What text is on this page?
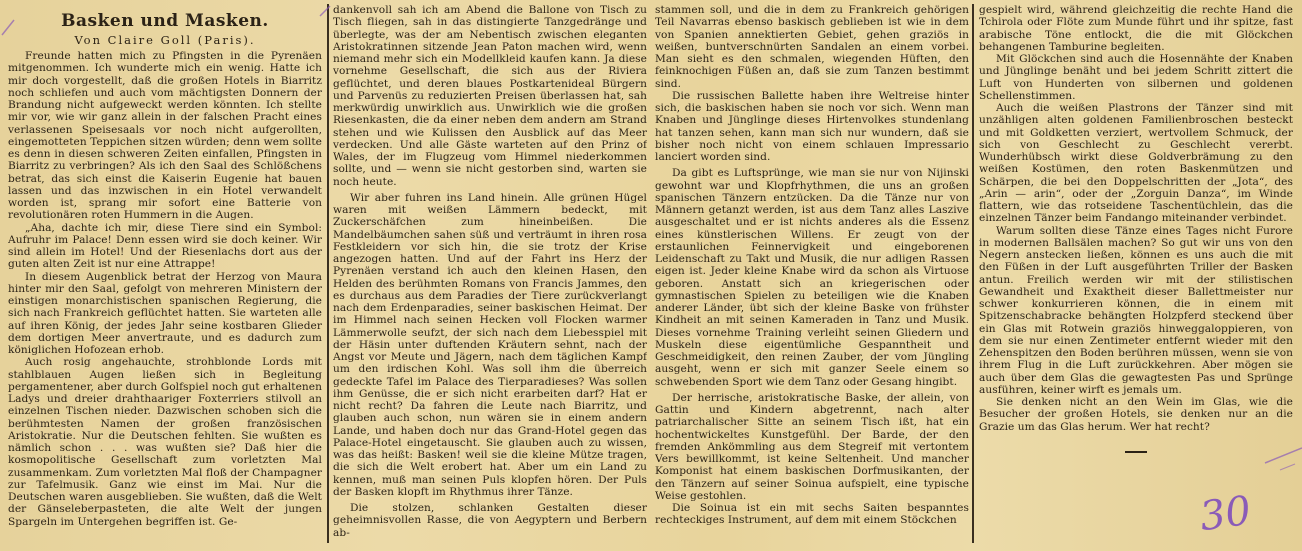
Basken und Masken.
Von Claire Goll (Paris).

Freunde hatten mich zu Pfingsten in die Pyrenäen mitgenommen. Ich wunderte mich ein wenig. Hatte ich mir doch vorgestellt, daß die großen Hotels in Biarritz noch schliefen und auch vom mächtigsten Donnern der Brandung nicht aufgeweckt werden könnten. Ich stellte mir vor, wie wir ganz allein in der falschen Pracht eines verlassenen Speisesaals vor noch nicht aufgerollten, eingemotteten Teppichen sitzen würden; denn wem sollte es denn in diesen schweren Zeiten einfallen, Pfingsten in Biarritz zu verbringen? Als ich den Saal des Schlößchens betrat, das sich einst die Kaiserin Eugenie hat bauen lassen und das inzwischen in ein Hotel verwandelt worden ist, sprang mir sofort eine Batterie von revolutionären roten Hummern in die Augen.

„Aha, dachte ich mir, diese Tiere sind ein Symbol: Aufruhr im Palace! Denn essen wird sie doch keiner. Wir sind allein im Hotel! Und der Riesenlachs dort aus der guten alten Zeit ist nur eine Attrappe!

In diesem Augenblick betrat der Herzog von Maura hinter mir den Saal, gefolgt von mehreren Ministern der einstigen monarchistischen spanischen Regierung, die sich nach Frankreich geflüchtet hatten. Sie warteten alle auf ihren König, der jedes Jahr seine kostbaren Glieder dem dortigen Meer anvertraute, und es dadurch zum königlichen Hofozean erhob.

Auch rosig angehauchte, strohblonde Lords mit stahlblauen Augen ließen sich in Begleitung pergamentener, aber durch Golfspiel noch gut erhaltenen Ladys und dreier drahthaariger Foxterriers stilvoll an einzelnen Tischen nieder. Dazwischen schoben sich die berühmtesten Namen der großen französischen Aristokratie. Nur die Deutschen fehlten. Sie wußten es nämlich schon . . . was wußten sie? Daß hier die kosmopolitische Gesellschaft zum vorletzten Mal zusammenkam. Zum vorletzten Mal floß der Champagner zur Tafelmusik. Ganz wie einst im Mai. Nur die Deutschen waren ausgeblieben. Sie wußten, daß die Welt der Gänseleberpasteten, die alte Welt der jungen Spargeln im Untergehen begriffen ist. Ge-

dankenvoll sah ich am Abend die Ballone von Tisch zu Tisch fliegen, sah in das distingierte Tanzgedränge und überlegte, was der am Nebentisch zwischen eleganten Aristokratinnen sitzende Jean Paton machen wird, wenn niemand mehr sich ein Modellkleid kaufen kann. Ja diese vornehme Gesellschaft, die sich aus der Riviera geflüchtet, und deren blaues Postkartenideal Bürgern und Parvenüs zu reduzierten Preisen überlassen hat, sah merkwürdig unwirklich aus. Unwirklich wie die großen Riesenkasten, die da einer neben dem andern am Strand stehen und wie Kulissen den Ausblick auf das Meer verdecken. Und alle Gäste warteten auf den Prinz of Wales, der im Flugzeug vom Himmel niederkommen sollte, und — wenn sie nicht gestorben sind, warten sie noch heute.

Wir aber fuhren ins Land hinein. Alle grünen Hügel waren mit weißen Lämmern bedeckt, mit Zuckerschäfchen zum hineinbeißen. Die Mandelbäumchen sahen süß und verträumt in ihren rosa Festkleidern vor sich hin, die sie trotz der Krise angezogen hatten. Und auf der Fahrt ins Herz der Pyrenäen verstand ich auch den kleinen Hasen, den Helden des berühmten Romans von Francis Jammes, den es durchaus aus dem Paradies der Tiere zurückverlangt nach dem Erdenparadies, seiner baskischen Heimat. Der im Himmel nach seinen Hecken voll Flocken warmer Lämmerwolle seufzt, der sich nach dem Liebesspiel mit der Häsin unter duftenden Kräutern sehnt, nach der Angst vor Meute und Jägern, nach dem täglichen Kampf um den irdischen Kohl. Was soll ihm die überreich gedeckte Tafel im Palace des Tierparadieses? Was sollen ihm Genüsse, die er sich nicht erarbeiten darf? Hat er nicht recht? Da fahren die Leute nach Biarritz, und glauben auch schon, nun wären sie in einem andern Lande, und haben doch nur das Grand-Hotel gegen das Palace-Hotel eingetauscht. Sie glauben auch zu wissen, was das heißt: Basken! weil sie die kleine Mütze tragen, die sich die Welt erobert hat. Aber um ein Land zu kennen, muß man seinen Puls klopfen hören. Der Puls der Basken klopft im Rhythmus ihrer Tänze.

Die stolzen, schlanken Gestalten dieser geheimnisvollen Rasse, die von Aegyptern und Berbern ab-

stammen soll, und die in dem zu Frankreich gehörigen Teil Navarras ebenso baskisch geblieben ist wie in dem von Spanien annektierten Gebiet, gehen graziös in weißen, buntverschnürten Sandalen an einem vorbei. Man sieht es den schmalen, wiegenden Hüften, den feinknochigen Füßen an, daß sie zum Tanzen bestimmt sind.

Die russischen Ballette haben ihre Weltreise hinter sich, die baskischen haben sie noch vor sich. Wenn man Knaben und Jünglinge dieses Hirtenvolkes stundenlang hat tanzen sehen, kann man sich nur wundern, daß sie bisher noch nicht von einem schlauen Impressario lanciert worden sind.

Da gibt es Luftsprünge, wie man sie nur von Nijinski gewohnt war und Klopfrhythmen, die uns an großen spanischen Tänzern entzücken. Da die Tänze nur von Männern getanzt werden, ist aus dem Tanz alles Laszive ausgeschaltet und er ist nichts anderes als die Essenz eines künstlerischen Willens. Er zeugt von der erstaunlichen Feinnervigkeit und eingeborenen Leidenschaft zu Takt und Musik, die nur adligen Rassen eigen ist. Jeder kleine Knabe wird da schon als Virtuose geboren. Anstatt sich an kriegerischen oder gymnastischen Spielen zu beteiligen wie die Knaben anderer Länder, übt sich der kleine Baske von frühster Kindheit an mit seinen Kameraden in Tanz und Musik. Dieses vornehme Training verleiht seinen Gliedern und Muskeln diese eigentümliche Gespanntheit und Geschmeidigkeit, den reinen Zauber, der vom Jüngling ausgeht, wenn er sich mit ganzer Seele einem so schwebenden Sport wie dem Tanz oder Gesang hingibt.

Der herrische, aristokratische Baske, der allein, von Gattin und Kindern abgetrennt, nach alter patriarchalischer Sitte an seinem Tisch ißt, hat ein hochentwickeltes Kunstgefühl. Der Barde, der den fremden Ankömmling aus dem Stegreif mit vertontem Vers bewillkommt, ist keine Seltenheit. Und mancher Komponist hat einem baskischen Dorfmusikanten, der den Tänzern auf seiner Soinua aufspielt, eine typische Weise gestohlen.

Die Soinua ist ein mit sechs Saiten bespanntes rechteckiges Instrument, auf dem mit einem Stöckchen

gespielt wird, während gleichzeitig die rechte Hand die Tchirola oder Flöte zum Munde führt und ihr spitze, fast arabische Töne entlockt, die die mit Glöckchen behangenen Tamburine begleiten.

Mit Glöckchen sind auch die Hosennähte der Knaben und Jünglinge benäht und bei jedem Schritt zittert die Luft von Hunderten von silbernen und goldenen Schellenstimmen.

Auch die weißen Plastrons der Tänzer sind mit unzähligen alten goldenen Familienbroschen besteckt und mit Goldketten verziert, wertvollem Schmuck, der sich von Geschlecht zu Geschlecht vererbt. Wunderhübsch wirkt diese Goldverbrämung zu den weißen Kostümen, den roten Baskenmützen und Schärpen, die bei den Doppelschritten der „Jota“, des „Arin — arin“, oder der „Zorguin Danza“, im Winde flattern, wie das rotseidene Taschentüchlein, das die einzelnen Tänzer beim Fandango miteinander verbindet.

Warum sollten diese Tänze eines Tages nicht Furore in modernen Ballsälen machen? So gut wir uns von den Negern anstecken ließen, können es uns auch die mit den Füßen in der Luft ausgeführten Triller der Basken antun. Freilich werden wir mit der stilistischen Gewandheit und Exaktheit dieser Ballettmeister nur schwer konkurrieren können, die in einem mit Spitzenschabracke behängten Holzpferd steckend über ein Glas mit Rotwein graziös hinweggaloppieren, von dem sie nur einen Zentimeter entfernt wieder mit den Zehenspitzen den Boden berühren müssen, wenn sie von ihrem Flug in die Luft zurückkehren. Aber mögen sie auch über dem Glas die gewagtesten Pas und Sprünge ausführen, keiner wirft es jemals um.

Sie denken nicht an den Wein im Glas, wie die Besucher der großen Hotels, sie denken nur an die Grazie um das Glas herum. Wer hat recht?

30
